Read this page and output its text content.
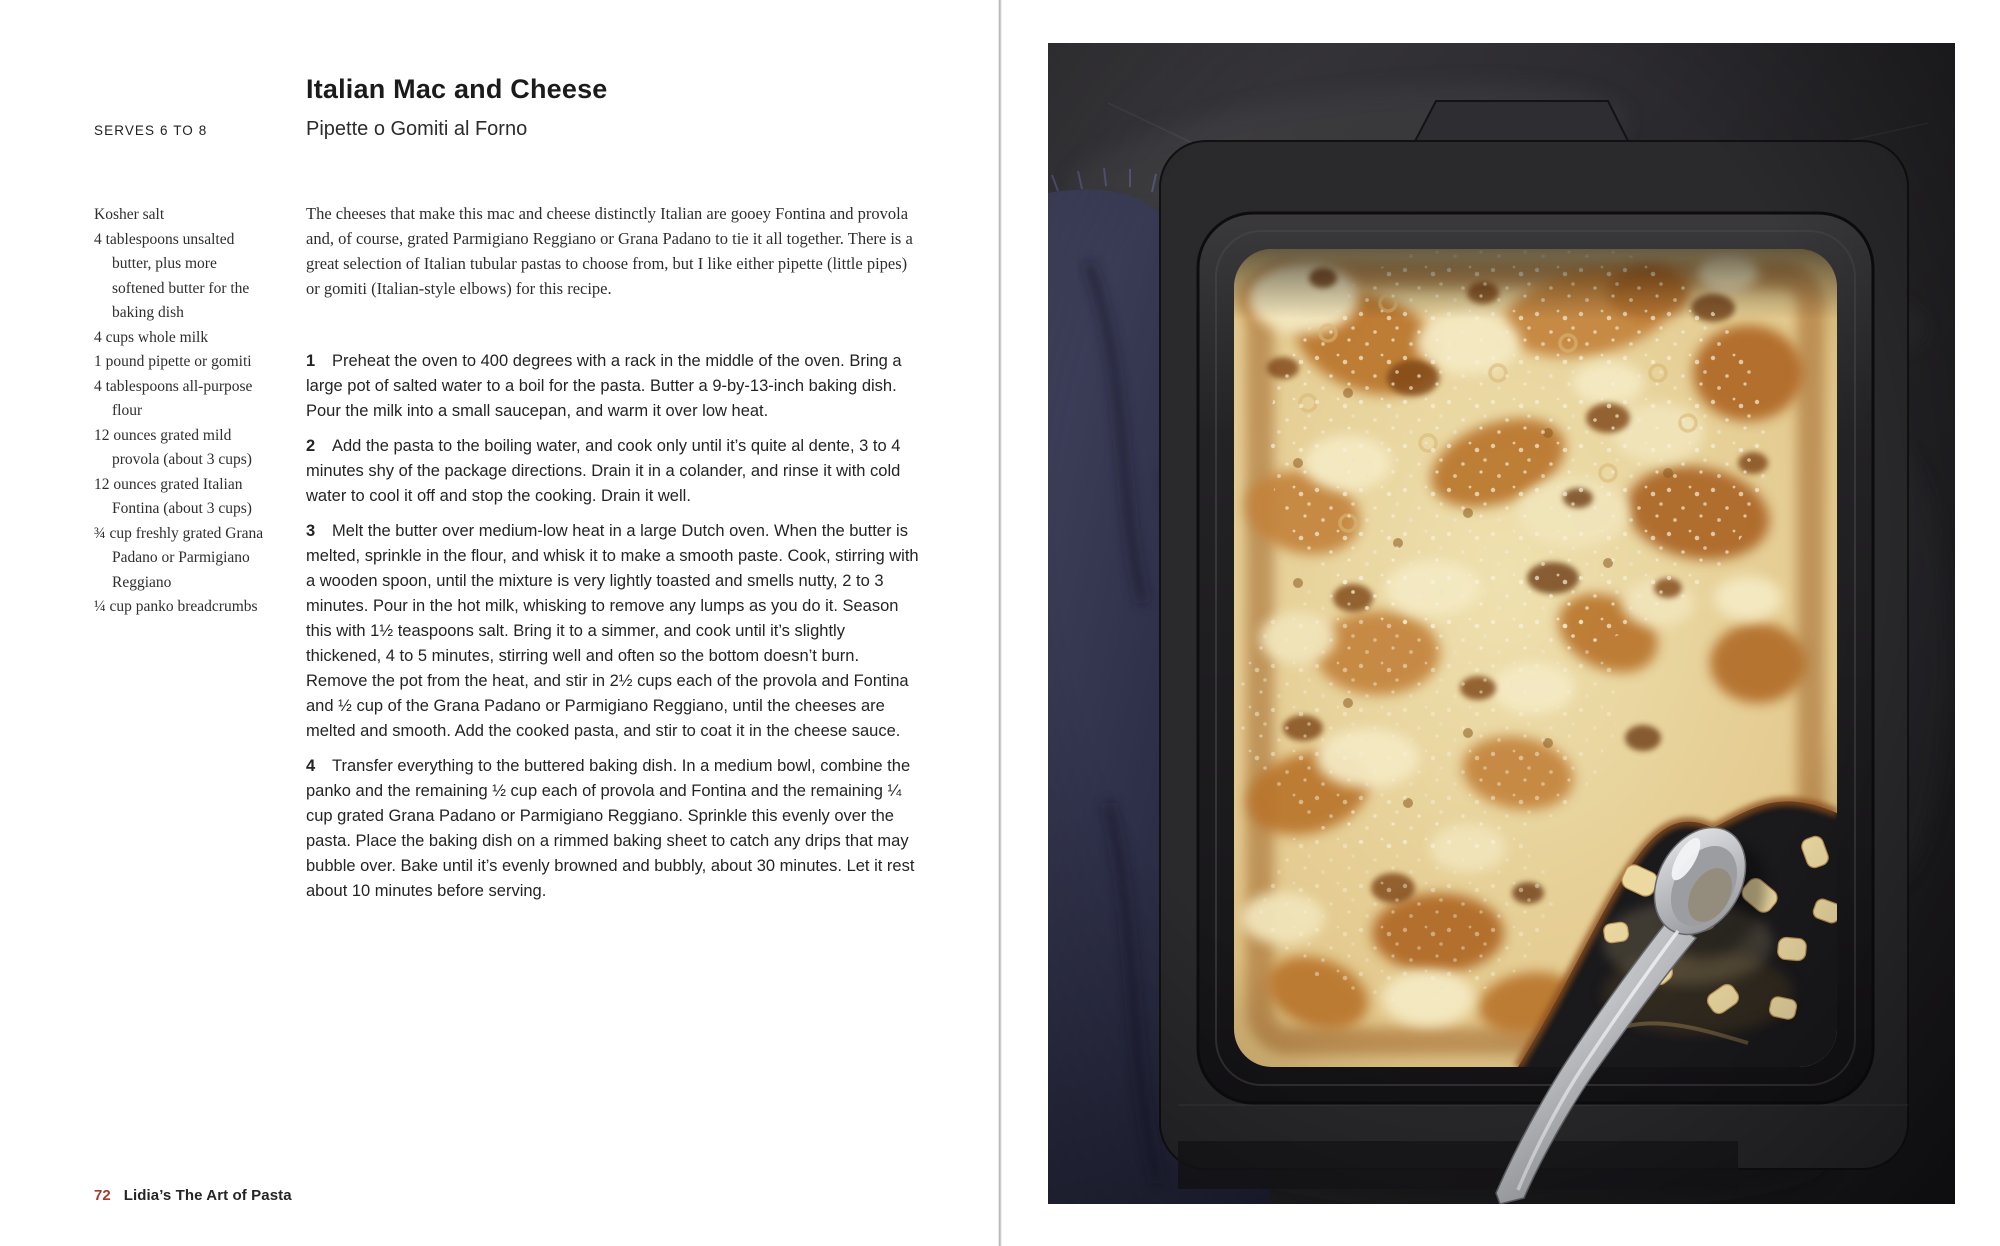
SERVES 6 TO 8
Italian Mac and Cheese
Pipette o Gomiti al Forno

Kosher salt

4 tablespoons unsalted butter, plus more softened butter for the baking dish

4 cups whole milk

1 pound pipette or gomiti

4 tablespoons all-purpose flour

12 ounces grated mild provola (about 3 cups)

12 ounces grated Italian Fontina (about 3 cups)

¾ cup freshly grated Grana Padano or Parmigiano Reggiano

¼ cup panko breadcrumbs

The cheeses that make this mac and cheese distinctly Italian are gooey Fontina and provola and, of course, grated Parmigiano Reggiano or Grana Padano to tie it all together. There is a great selection of Italian tubular pastas to choose from, but I like either pipette (little pipes) or gomiti (Italian-style elbows) for this recipe.

1 Preheat the oven to 400 degrees with a rack in the middle of the oven. Bring a large pot of salted water to a boil for the pasta. Butter a 9-by-13-inch baking dish. Pour the milk into a small saucepan, and warm it over low heat.

2 Add the pasta to the boiling water, and cook only until it’s quite al dente, 3 to 4 minutes shy of the package directions. Drain it in a colander, and rinse it with cold water to cool it off and stop the cooking. Drain it well.

3 Melt the butter over medium-low heat in a large Dutch oven. When the butter is melted, sprinkle in the flour, and whisk it to make a smooth paste. Cook, stirring with a wooden spoon, until the mixture is very lightly toasted and smells nutty, 2 to 3 minutes. Pour in the hot milk, whisking to remove any lumps as you do it. Season this with 1½ teaspoons salt. Bring it to a simmer, and cook until it’s slightly thickened, 4 to 5 minutes, stirring well and often so the bottom doesn’t burn. Remove the pot from the heat, and stir in 2½ cups each of the provola and Fontina and ½ cup of the Grana Padano or Parmigiano Reggiano, until the cheeses are melted and smooth. Add the cooked pasta, and stir to coat it in the cheese sauce.

4 Transfer everything to the buttered baking dish. In a medium bowl, combine the panko and the remaining ½ cup each of provola and Fontina and the remaining ¼ cup grated Grana Padano or Parmigiano Reggiano. Sprinkle this evenly over the pasta. Place the baking dish on a rimmed baking sheet to catch any drips that may bubble over. Bake until it’s evenly browned and bubbly, about 30 minutes. Let it rest about 10 minutes before serving.

72 Lidia’s The Art of Pasta
